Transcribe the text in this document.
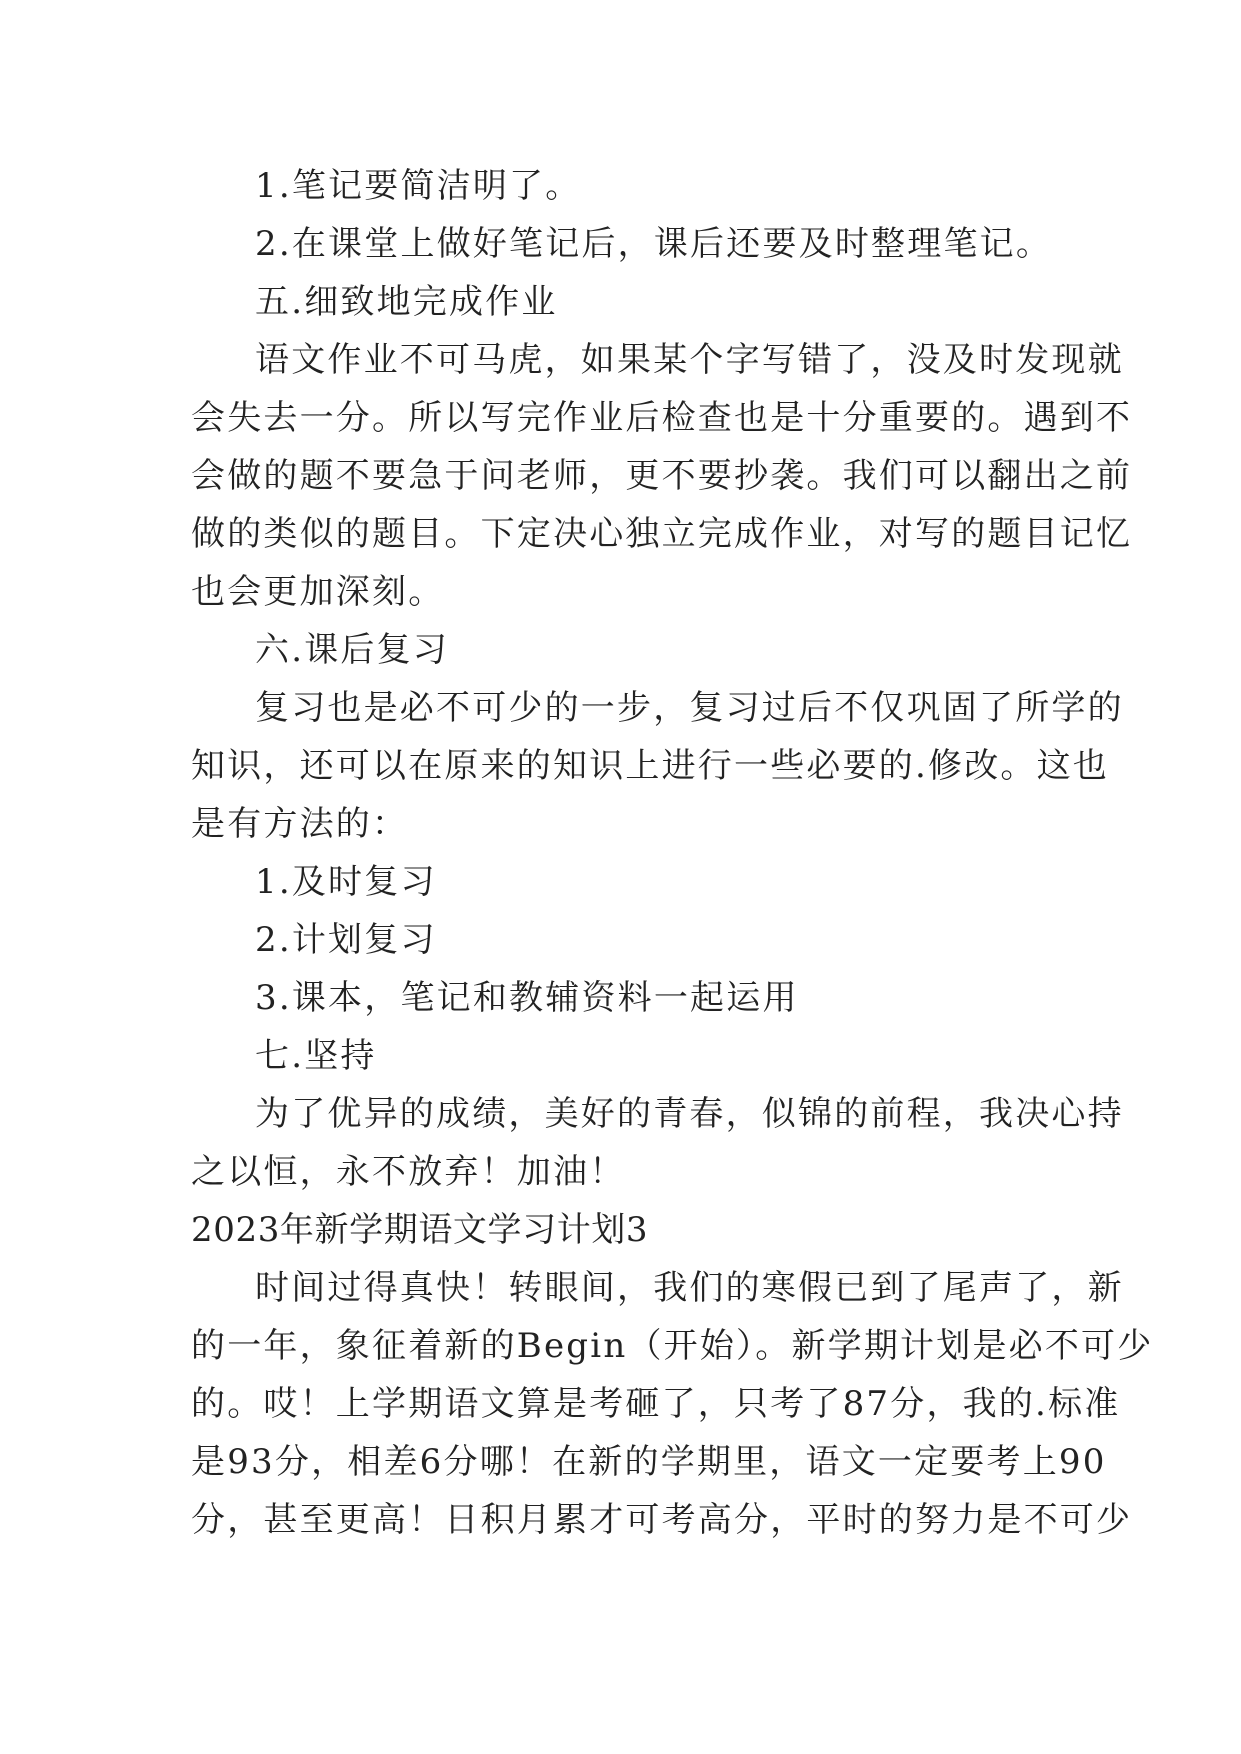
1.笔记要简洁明了。
2.在课堂上做好笔记后，课后还要及时整理笔记。
五.细致地完成作业
语文作业不可马虎，如果某个字写错了，没及时发现就
会失去一分。所以写完作业后检查也是十分重要的。遇到不
会做的题不要急于问老师，更不要抄袭。我们可以翻出之前
做的类似的题目。下定决心独立完成作业，对写的题目记忆
也会更加深刻。
六.课后复习
复习也是必不可少的一步，复习过后不仅巩固了所学的
知识，还可以在原来的知识上进行一些必要的.修改。这也
是有方法的：
1.及时复习
2.计划复习
3.课本，笔记和教辅资料一起运用
七.坚持
为了优异的成绩，美好的青春，似锦的前程，我决心持
之以恒，永不放弃！加油！
2023年新学期语文学习计划3
时间过得真快！转眼间，我们的寒假已到了尾声了，新
的一年，象征着新的Begin（开始）。新学期计划是必不可少
的。哎！上学期语文算是考砸了，只考了87分，我的.标准
是93分，相差6分哪！在新的学期里，语文一定要考上90
分，甚至更高！日积月累才可考高分，平时的努力是不可少
